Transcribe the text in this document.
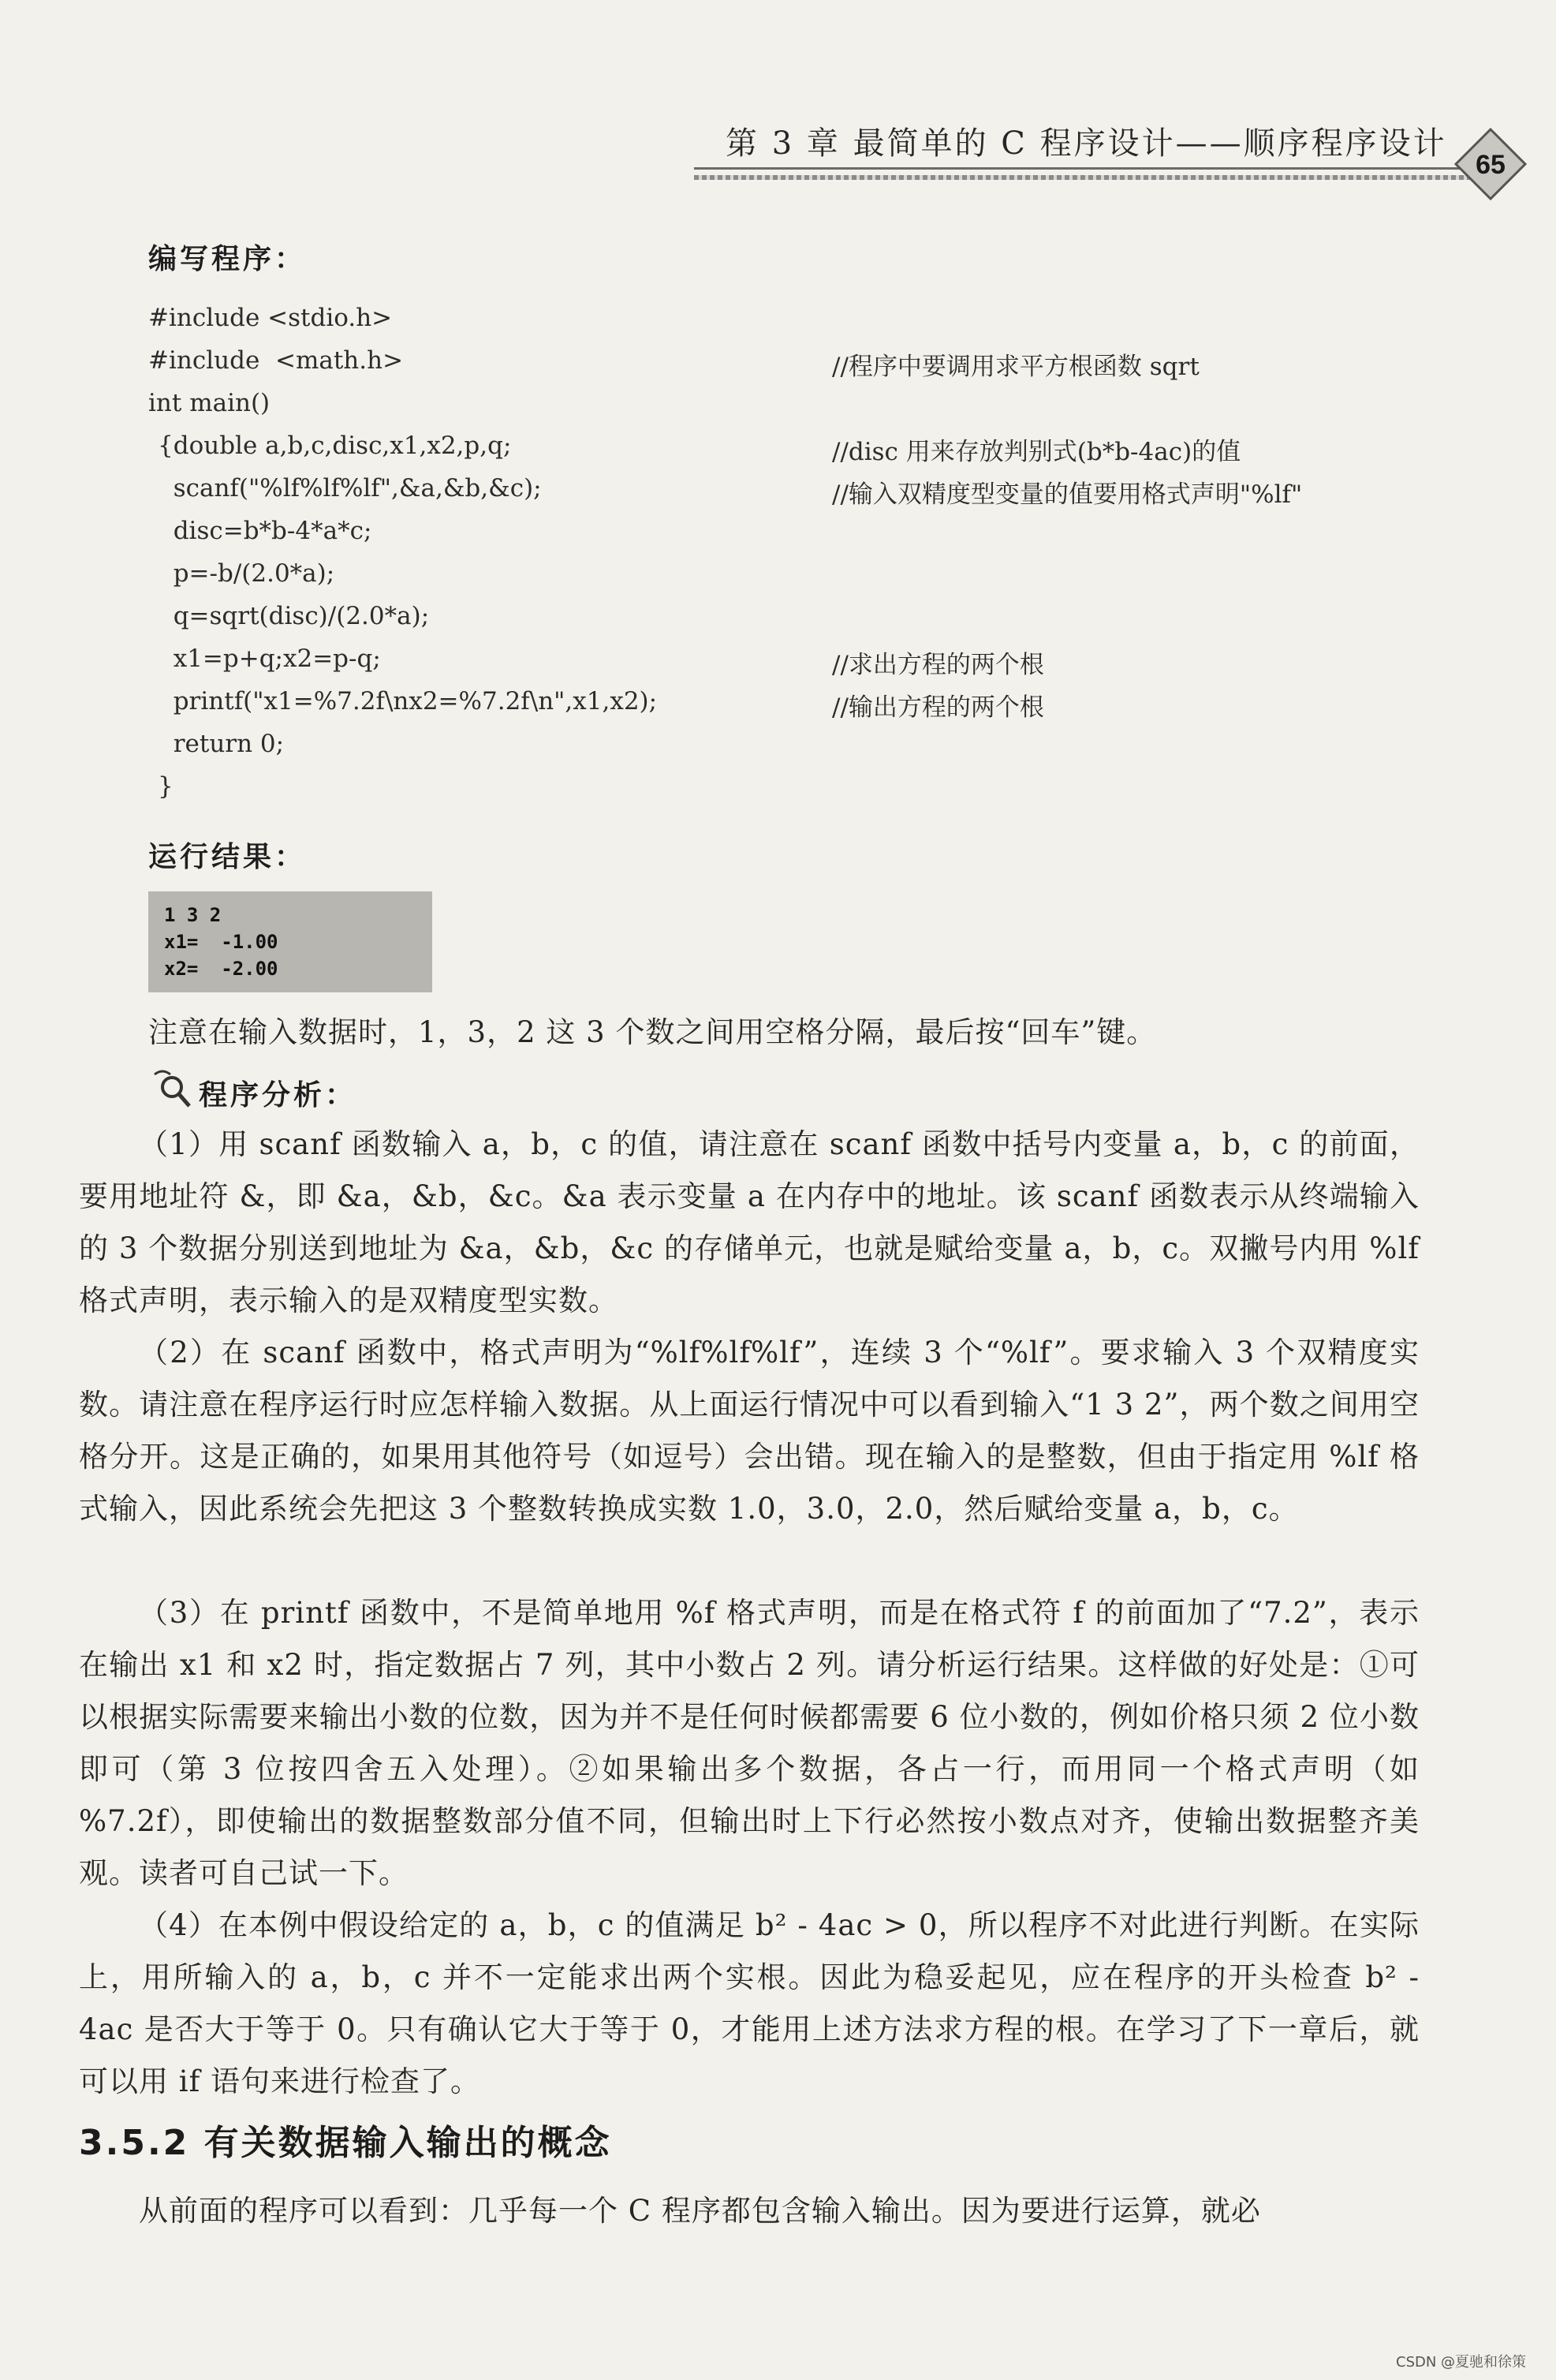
第 3 章 最简单的 C 程序设计——顺序程序设计
65
编写程序：
#include <stdio.h>
#include  <math.h>	//程序中要调用求平方根函数 sqrt
int main()
{double a,b,c,disc,x1,x2,p,q;	//disc 用来存放判别式(b*b-4ac)的值
scanf("%lf%lf%lf",&a,&b,&c);	//输入双精度型变量的值要用格式声明"%lf"
disc=b*b-4*a*c;
p=-b/(2.0*a);
q=sqrt(disc)/(2.0*a);
x1=p+q;x2=p-q;	//求出方程的两个根
printf("x1=%7.2f\nx2=%7.2f\n",x1,x2);	//输出方程的两个根
return 0;
}
运行结果：
1 3 2
x1=  -1.00
x2=  -2.00
注意在输入数据时，1，3，2 这 3 个数之间用空格分隔，最后按“回车”键。
程序分析：
（1）用 scanf 函数输入 a，b，c 的值，请注意在 scanf 函数中括号内变量 a，b，c 的前面，要用地址符 &，即 &a，&b，&c。&a 表示变量 a 在内存中的地址。该 scanf 函数表示从终端输入的 3 个数据分别送到地址为 &a，&b，&c 的存储单元，也就是赋给变量 a，b，c。双撇号内用 %lf 格式声明，表示输入的是双精度型实数。
（2）在 scanf 函数中，格式声明为“%lf%lf%lf”，连续 3 个“%lf”。要求输入 3 个双精度实数。请注意在程序运行时应怎样输入数据。从上面运行情况中可以看到输入“1 3 2”，两个数之间用空格分开。这是正确的，如果用其他符号（如逗号）会出错。现在输入的是整数，但由于指定用 %lf 格式输入，因此系统会先把这 3 个整数转换成实数 1.0，3.0，2.0，然后赋给变量 a，b，c。
（3）在 printf 函数中，不是简单地用 %f 格式声明，而是在格式符 f 的前面加了“7.2”，表示在输出 x1 和 x2 时，指定数据占 7 列，其中小数占 2 列。请分析运行结果。这样做的好处是：①可以根据实际需要来输出小数的位数，因为并不是任何时候都需要 6 位小数的，例如价格只须 2 位小数即可（第 3 位按四舍五入处理）。②如果输出多个数据，各占一行，而用同一个格式声明（如 %7.2f），即使输出的数据整数部分值不同，但输出时上下行必然按小数点对齐，使输出数据整齐美观。读者可自己试一下。
（4）在本例中假设给定的 a，b，c 的值满足 b² - 4ac > 0，所以程序不对此进行判断。在实际上，用所输入的 a，b，c 并不一定能求出两个实根。因此为稳妥起见，应在程序的开头检查 b² - 4ac 是否大于等于 0。只有确认它大于等于 0，才能用上述方法求方程的根。在学习了下一章后，就可以用 if 语句来进行检查了。
3.5.2 有关数据输入输出的概念
从前面的程序可以看到：几乎每一个 C 程序都包含输入输出。因为要进行运算，就必
CSDN @夏驰和徐策
